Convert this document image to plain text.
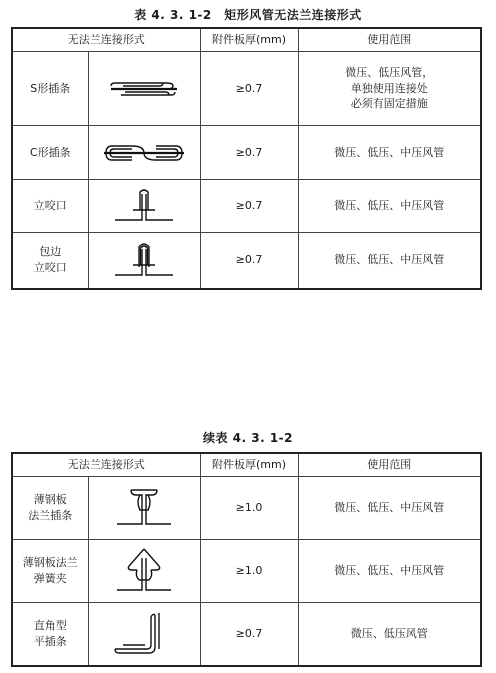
表 4. 3. 1-2　矩形风管无法兰连接形式
无法兰连接形式		附件板厚(mm)	使用范围

S形插条		≥0.7	微压、低压风管，
单独使用连接处
必须有固定措施

C形插条		≥0.7	微压、低压、中压风管

立咬口		≥0.7	微压、低压、中压风管

包边
立咬口		≥0.7	微压、低压、中压风管
续表 4. 3. 1-2
无法兰连接形式		附件板厚(mm)	使用范围

薄钢板
法兰插条		≥1.0	微压、低压、中压风管

薄钢板法兰
弹簧夹		≥1.0	微压、低压、中压风管

直角型
平插条		≥0.7	微压、低压风管
